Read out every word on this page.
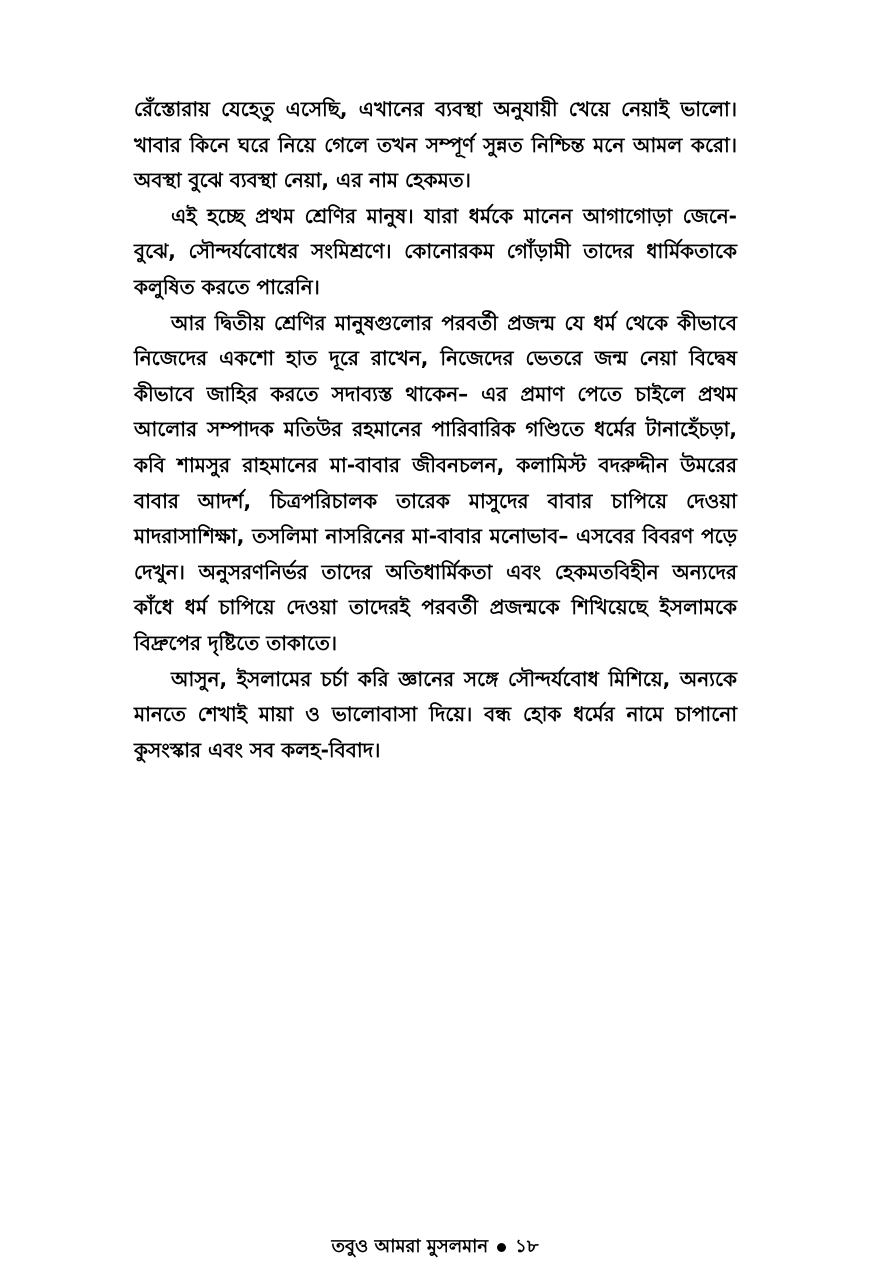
রেঁস্তোরায় যেহেতু এসেছি, এখানের ব্যবস্থা অনুযায়ী খেয়ে নেয়াই ভালো। খাবার কিনে ঘরে নিয়ে গেলে তখন সম্পূর্ণ সুন্নত নিশ্চিন্ত মনে আমল করো। অবস্থা বুঝে ব্যবস্থা নেয়া, এর নাম হেকমত।

এই হচ্ছে প্রথম শ্রেণির মানুষ। যারা ধর্মকে মানেন আগাগোড়া জেনে-বুঝে, সৌন্দর্যবোধের সংমিশ্রণে। কোনোরকম গোঁড়ামী তাদের ধার্মিকতাকে কলুষিত করতে পারেনি।

আর দ্বিতীয় শ্রেণির মানুষগুলোর পরবর্তী প্রজন্ম যে ধর্ম থেকে কীভাবে নিজেদের একশো হাত দূরে রাখেন, নিজেদের ভেতরে জন্ম নেয়া বিদ্বেষ কীভাবে জাহির করতে সদাব্যস্ত থাকেন– এর প্রমাণ পেতে চাইলে প্রথম আলোর সম্পাদক মতিউর রহমানের পারিবারিক গণ্ডিতে ধর্মের টানাহেঁচড়া, কবি শামসুর রাহমানের মা-বাবার জীবনচলন, কলামিস্ট বদরুদ্দীন উমরের বাবার আদর্শ, চিত্রপরিচালক তারেক মাসুদের বাবার চাপিয়ে দেওয়া মাদরাসাশিক্ষা, তসলিমা নাসরিনের মা-বাবার মনোভাব– এসবের বিবরণ পড়ে দেখুন। অনুসরণনির্ভর তাদের অতিধার্মিকতা এবং হেকমতবিহীন অন্যদের কাঁধে ধর্ম চাপিয়ে দেওয়া তাদেরই পরবর্তী প্রজন্মকে শিখিয়েছে ইসলামকে বিদ্রুপের দৃষ্টিতে তাকাতে।

আসুন, ইসলামের চর্চা করি জ্ঞানের সঙ্গে সৌন্দর্যবোধ মিশিয়ে, অন্যকে মানতে শেখাই মায়া ও ভালোবাসা দিয়ে। বন্ধ হোক ধর্মের নামে চাপানো কুসংস্কার এবং সব কলহ-বিবাদ।

তবুও আমরা মুসলমান ১৮
